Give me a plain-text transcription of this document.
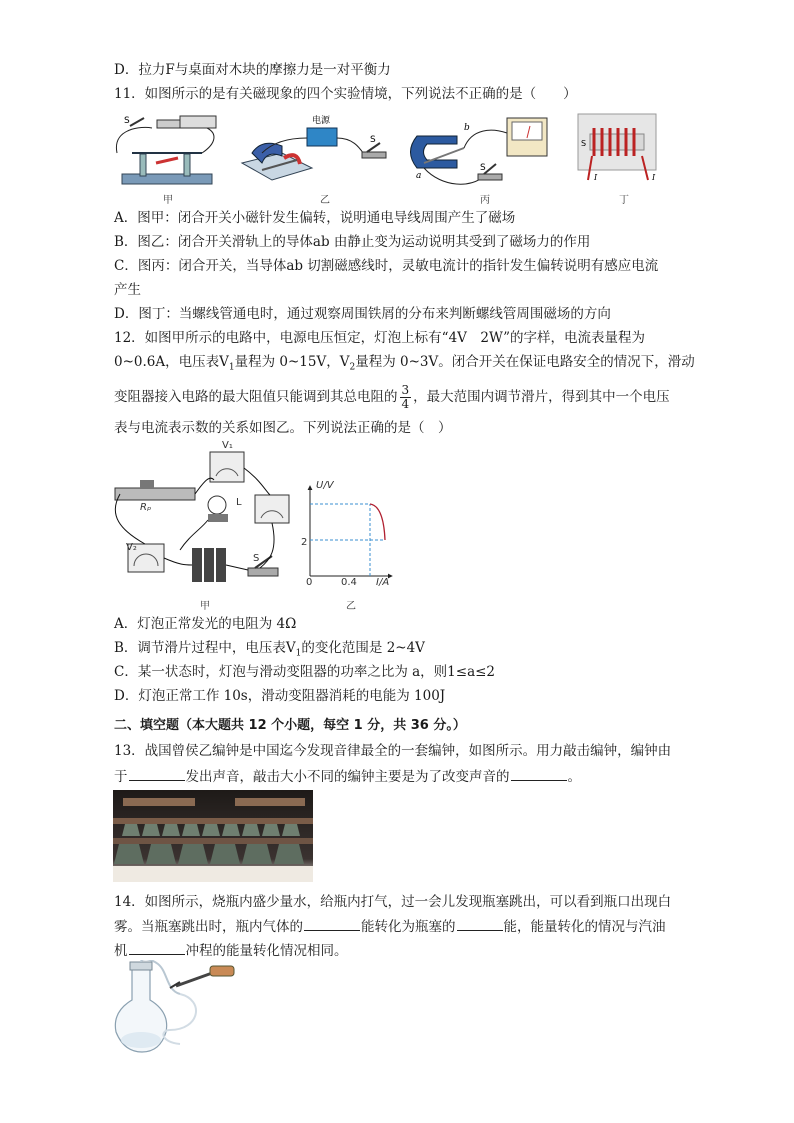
D．拉力F与桌面对木块的摩擦力是一对平衡力
11．如图所示的是有关磁现象的四个实验情境，下列说法不正确的是（　　）
S	电源
S
b
a
S
S
I	I
甲	乙	丙	丁
A．图甲：闭合开关小磁针发生偏转，说明通电导线周围产生了磁场
B．图乙：闭合开关滑轨上的导体ab 由静止变为运动说明其受到了磁场力的作用
C．图丙：闭合开关，当导体ab 切割磁感线时，灵敏电流计的指针发生偏转说明有感应电流
产生
D．图丁：当螺线管通电时，通过观察周围铁屑的分布来判断螺线管周围磁场的方向
12．如图甲所示的电路中，电源电压恒定，灯泡上标有“4V　2W”的字样，电流表量程为
0~0.6A，电压表$V_1$量程为 0~15V，$V_2$量程为 0~3V。闭合开关在保证电路安全的情况下，滑动
变阻器接入电路的最大阻值只能调到其总电阻的 $\frac{3}{4}$ ，最大范围内调节滑片，得到其中一个电压
表与电流表示数的关系如图乙。下列说法正确的是（　）
V₁
L
Rₚ
V₂
S
甲
U/V
2
0	0.4 I/A
乙
A．灯泡正常发光的电阻为 4Ω
B．调节滑片过程中，电压表$V_1$的变化范围是 2~4V
C．某一状态时，灯泡与滑动变阻器的功率之比为 a，则1≤a≤2
D．灯泡正常工作 10s，滑动变阻器消耗的电能为 100J
二、填空题（本大题共 12 个小题，每空 1 分，共 36 分。）
13．战国曾侯乙编钟是中国迄今发现音律最全的一套编钟，如图所示。用力敲击编钟，编钟由
于	发出声音，敲击大小不同的编钟主要是为了改变声音的	。
14．如图所示，烧瓶内盛少量水，给瓶内打气，过一会儿发现瓶塞跳出，可以看到瓶口出现白
雾。当瓶塞跳出时，瓶内气体的	能转化为瓶塞的	能，能量转化的情况与汽油
机	冲程的能量转化情况相同。
